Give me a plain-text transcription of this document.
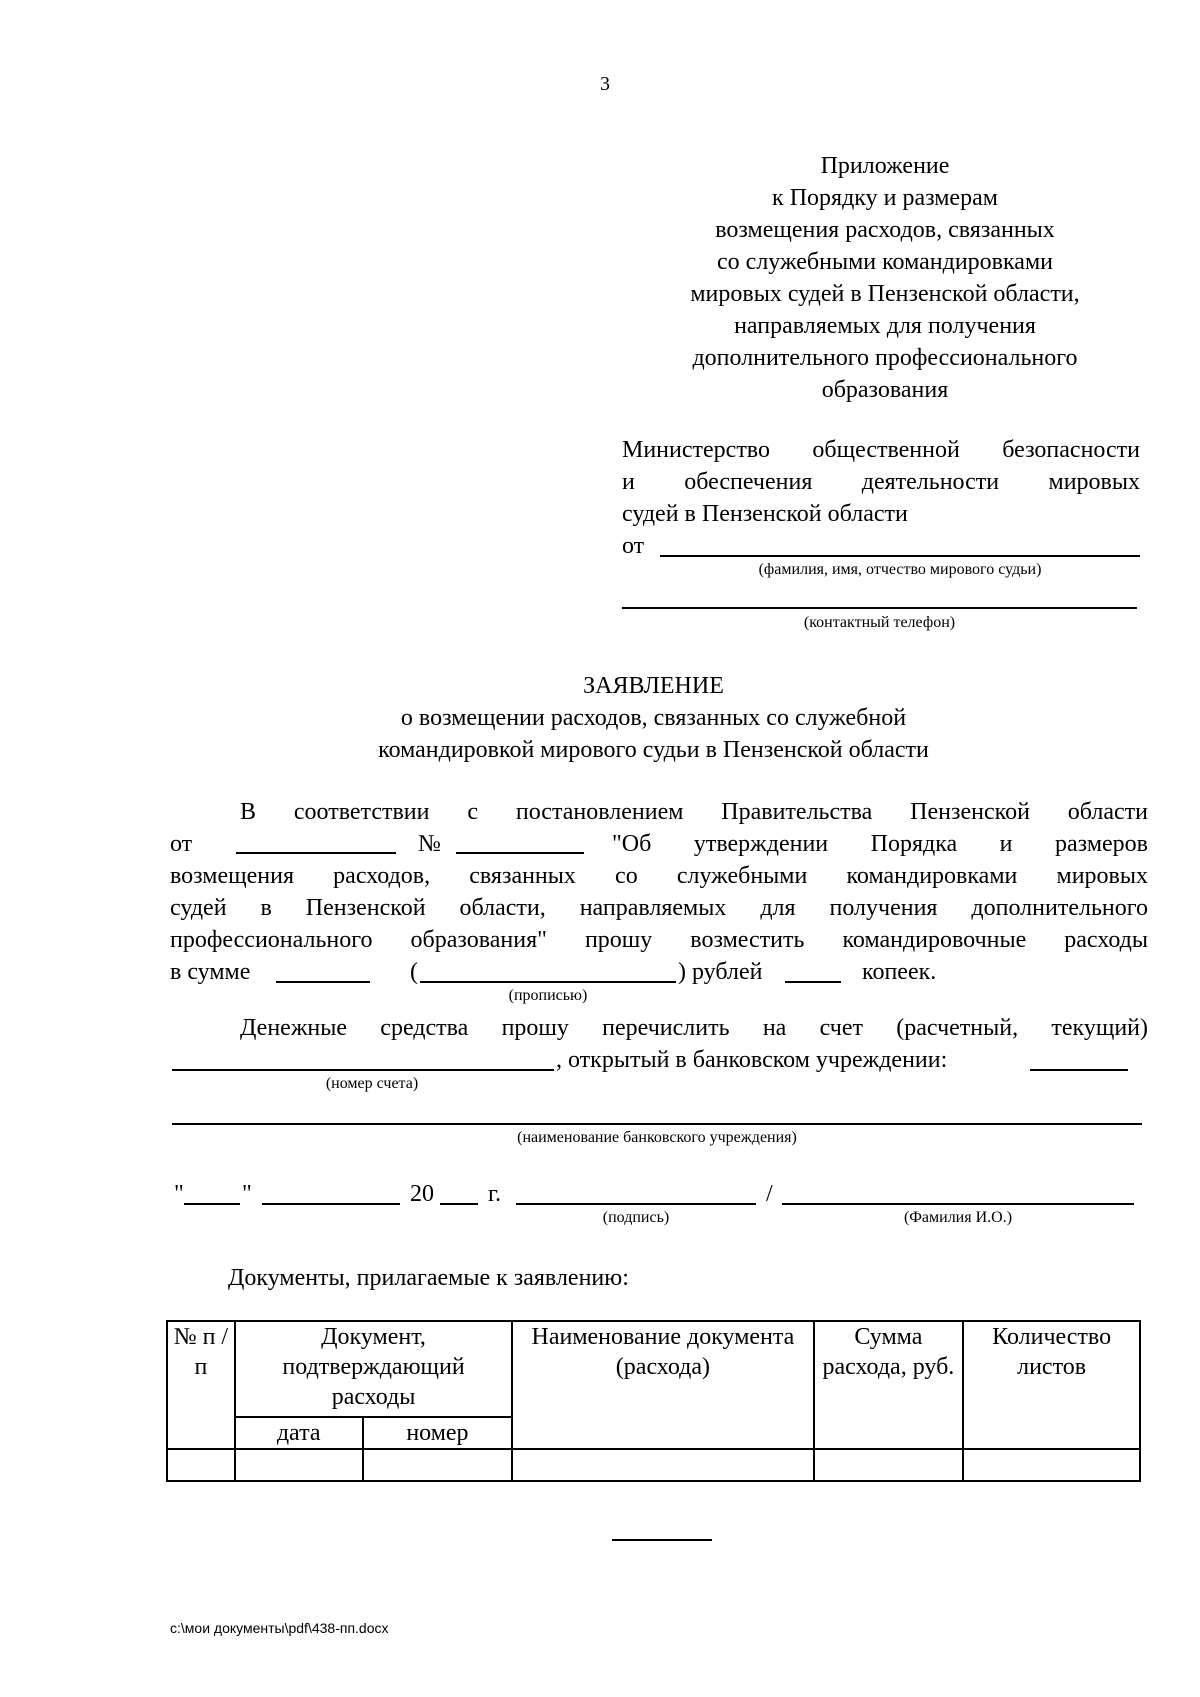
3
Приложение
к Порядку и размерам
возмещения расходов, связанных
со служебными командировками
мировых судей в Пензенской области,
направляемых для получения
дополнительного профессионального
образования
Министерство общественной безопасности
и обеспечения деятельности мировых
судей в Пензенской области
от
(фамилия, имя, отчество мирового судьи)
(контактный телефон)
ЗАЯВЛЕНИЕ
о возмещении расходов, связанных со служебной
командировкой мирового судьи в Пензенской области
В соответствии с постановлением Правительства Пензенской области
от	№	"Об утверждении Порядка и размеров
возмещения расходов, связанных со служебными командировками мировых
судей в Пензенской области, направляемых для получения дополнительного
профессионального образования" прошу возместить командировочные расходы
в сумме	(	) рублей	копеек.
(прописью)
Денежные средства прошу перечислить на счет (расчетный, текущий)
, открытый в банковском учреждении:
(номер счета)
(наименование банковского учреждения)
" "	20 г.	/
(подпись)	(Фамилия И.О.)
Документы, прилагаемые к заявлению:
№ п /п	Документ, подтверждающий расходы		Наименование документа (расхода)	Сумма расхода, руб.	Количество листов
	дата	номер			

c:\мои документы\pdf\438-пп.docx
